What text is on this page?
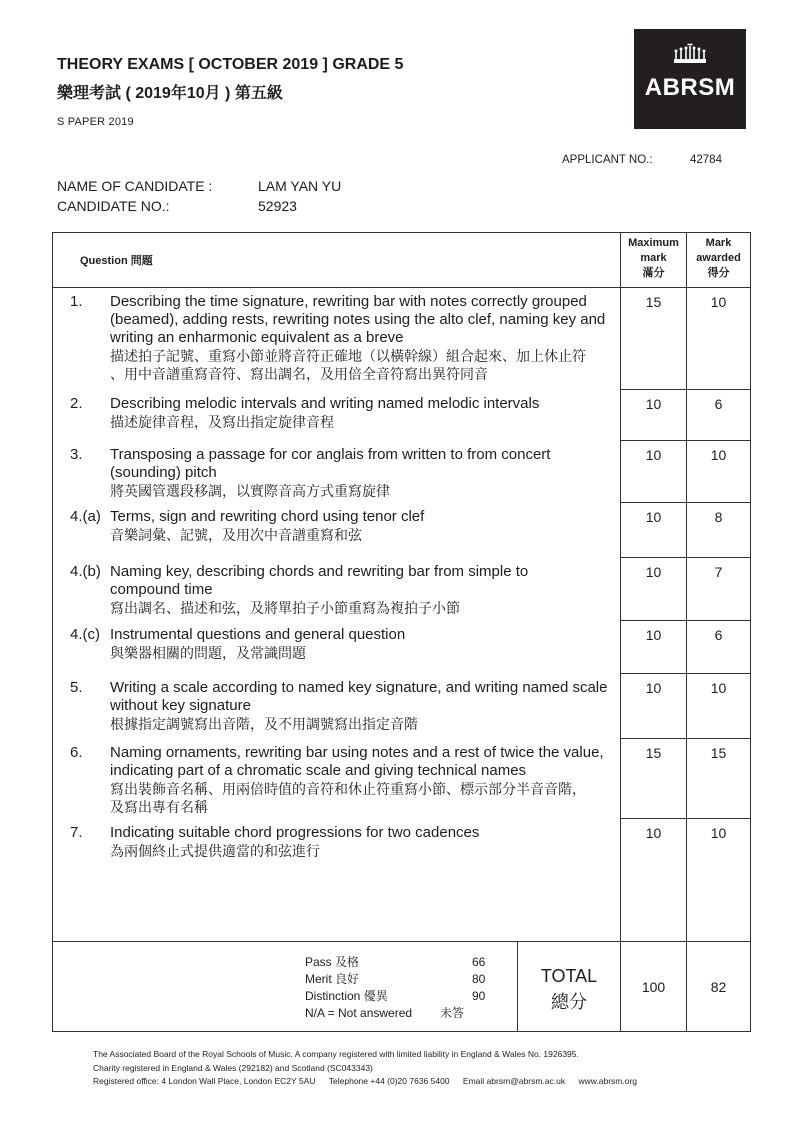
THEORY EXAMS [ OCTOBER 2019 ] GRADE 5
樂理考試 ( 2019年10月 ) 第五級
S PAPER 2019
ABRSM
APPLICANT NO.:	42784
NAME OF CANDIDATE :	LAM YAN YU
CANDIDATE NO.:	52923
Question 問題
Maximum
mark
滿分
Mark
awarded
得分
1. Describing the time signature, rewriting bar with notes correctly grouped
(beamed), adding rests, rewriting notes using the alto clef, naming key and
writing an enharmonic equivalent as a breve
描述拍子記號、重寫小節並將音符正確地（以橫幹線）組合起來、加上休止符
、用中音譜重寫音符、寫出調名，及用倍全音符寫出異符同音
15	10
2. Describing melodic intervals and writing named melodic intervals
描述旋律音程，及寫出指定旋律音程
10	6
3. Transposing a passage for cor anglais from written to from concert
(sounding) pitch
將英國管選段移調，以實際音高方式重寫旋律
10	10
4.(a) Terms, sign and rewriting chord using tenor clef
音樂詞彙、記號，及用次中音譜重寫和弦
10	8
4.(b) Naming key, describing chords and rewriting bar from simple to
compound time
寫出調名、描述和弦，及將單拍子小節重寫為複拍子小節
10	7
4.(c) Instrumental questions and general question
與樂器相關的問題，及常識問題
10	6
5. Writing a scale according to named key signature, and writing named scale
without key signature
根據指定調號寫出音階，及不用調號寫出指定音階
10	10
6. Naming ornaments, rewriting bar using notes and a rest of twice the value,
indicating part of a chromatic scale and giving technical names
寫出裝飾音名稱、用兩倍時值的音符和休止符重寫小節、標示部分半音音階，
及寫出專有名稱
15	15
7. Indicating suitable chord progressions for two cadences
為兩個終止式提供適當的和弦進行
10	10
Pass 及格	66
Merit 良好	80
Distinction 優異	90
N/A = Not answered	未答
TOTAL
總分
100	82
The Associated Board of the Royal Schools of Music. A company registered with limited liability in England & Wales No. 1926395.
Charity registered in England & Wales (292182) and Scotland (SC043343)
Registered office: 4 London Wall Place, London EC2Y 5AU Telephone +44 (0)20 7636 5400 Email abrsm@abrsm.ac.uk www.abrsm.org
